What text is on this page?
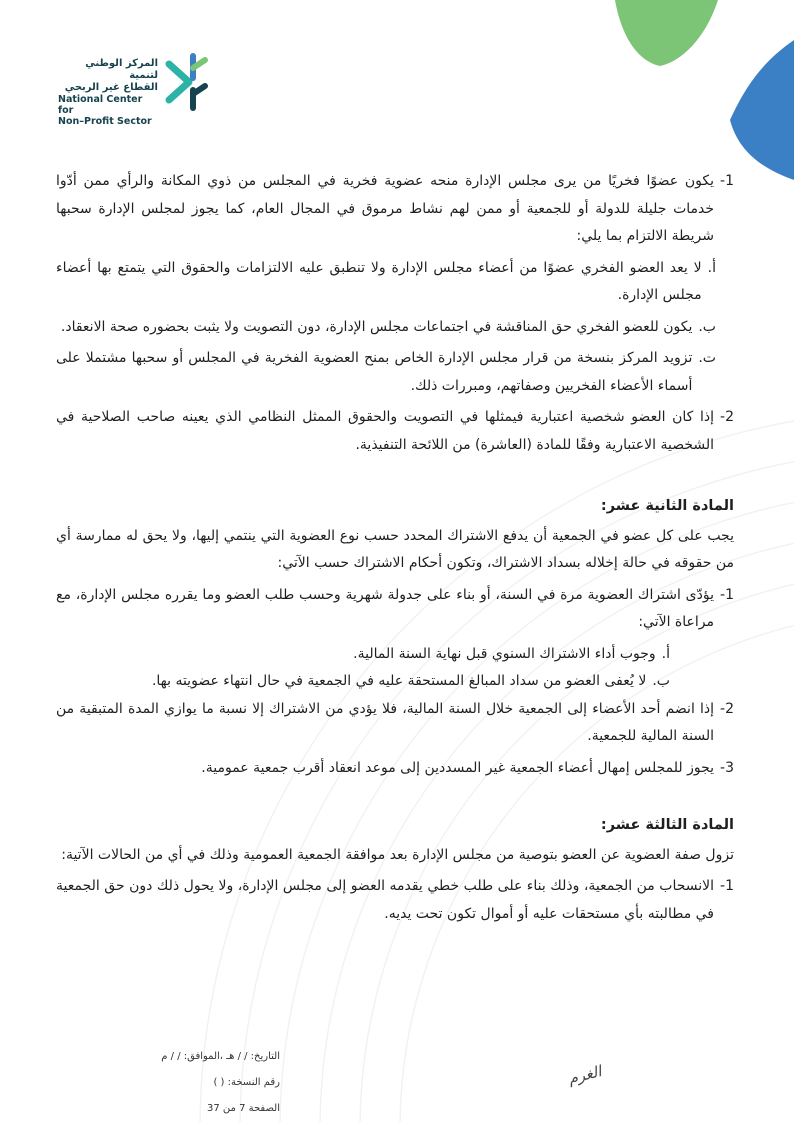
المركز الوطني لتنمية
القطاع غير الربحي
National Center for
Non–Profit Sector
1-
يكون عضوًا فخريًا من يرى مجلس الإدارة منحه عضوية فخرية في المجلس من ذوي المكانة والرأي ممن أدّوا خدمات جليلة للدولة أو للجمعية أو ممن لهم نشاط مرموق في المجال العام، كما يجوز لمجلس الإدارة سحبها شريطة الالتزام بما يلي:
أ.
لا يعد العضو الفخري عضوًا من أعضاء مجلس الإدارة ولا تنطبق عليه الالتزامات والحقوق التي يتمتع بها أعضاء مجلس الإدارة.
ب.
يكون للعضو الفخري حق المناقشة في اجتماعات مجلس الإدارة، دون التصويت ولا يثبت بحضوره صحة الانعقاد.
ت.
تزويد المركز بنسخة من قرار مجلس الإدارة الخاص بمنح العضوية الفخرية في المجلس أو سحبها مشتملا على أسماء الأعضاء الفخريين وصفاتهم، ومبررات ذلك.
2-
إذا كان العضو شخصية اعتبارية فيمثلها في التصويت والحقوق الممثل النظامي الذي يعينه صاحب الصلاحية في الشخصية الاعتبارية وفقًا للمادة (العاشرة) من اللائحة التنفيذية.
المادة الثانية عشر:

يجب على كل عضو في الجمعية أن يدفع الاشتراك المحدد حسب نوع العضوية التي ينتمي إليها، ولا يحق له ممارسة أي من حقوقه في حالة إخلاله بسداد الاشتراك، وتكون أحكام الاشتراك حسب الآتي:

1-
يؤدّى اشتراك العضوية مرة في السنة، أو بناء على جدولة شهرية وحسب طلب العضو وما يقرره مجلس الإدارة، مع مراعاة الآتي:
أ.
وجوب أداء الاشتراك السنوي قبل نهاية السنة المالية.
ب.
لا يُعفى العضو من سداد المبالغ المستحقة عليه في الجمعية في حال انتهاء عضويته بها.
2-
إذا انضم أحد الأعضاء إلى الجمعية خلال السنة المالية، فلا يؤدي من الاشتراك إلا نسبة ما يوازي المدة المتبقية من السنة المالية للجمعية.
3-
يجوز للمجلس إمهال أعضاء الجمعية غير المسددين إلى موعد انعقاد أقرب جمعية عمومية.
المادة الثالثة عشر:

تزول صفة العضوية عن العضو بتوصية من مجلس الإدارة بعد موافقة الجمعية العمومية وذلك في أي من الحالات الآتية:

1-
الانسحاب من الجمعية، وذلك بناء على طلب خطي يقدمه العضو إلى مجلس الإدارة، ولا يحول ذلك دون حق الجمعية في مطالبته بأي مستحقات عليه أو أموال تكون تحت يديه.
التاريخ: / / هـ ،الموافق: / / م
رقم النسخة: ( )
الصفحة 7 من 37
الغرم
